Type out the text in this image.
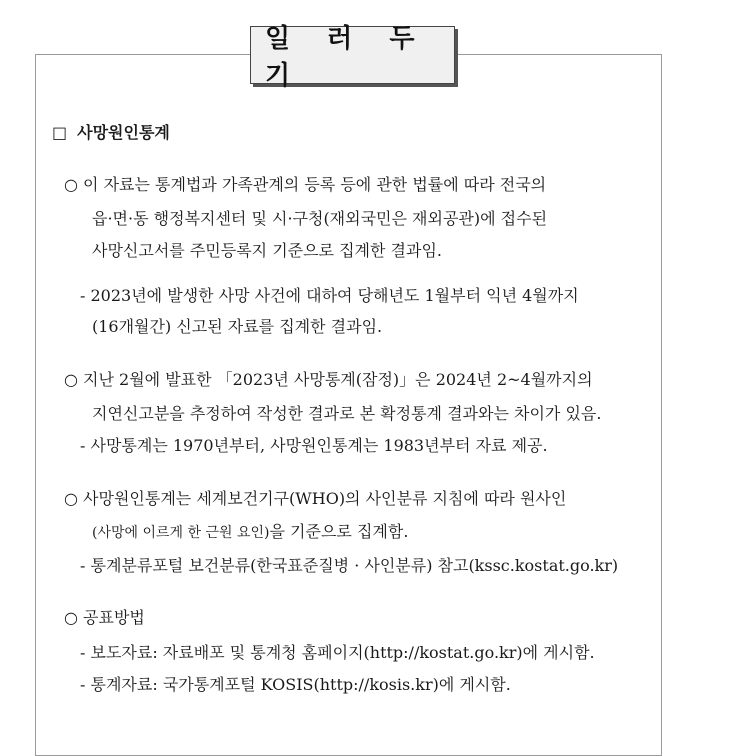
일 러 두 기
□ 사망원인통계
○ 이 자료는 통계법과 가족관계의 등록 등에 관한 법률에 따라 전국의
읍·면·동 행정복지센터 및 시·구청(재외국민은 재외공관)에 접수된
사망신고서를 주민등록지 기준으로 집계한 결과임.
- 2023년에 발생한 사망 사건에 대하여 당해년도 1월부터 익년 4월까지
(16개월간) 신고된 자료를 집계한 결과임.
○ 지난 2월에 발표한 「2023년 사망통계(잠정)」은 2024년 2~4월까지의
지연신고분을 추정하여 작성한 결과로 본 확정통계 결과와는 차이가 있음.
- 사망통계는 1970년부터, 사망원인통계는 1983년부터 자료 제공.
○ 사망원인통계는 세계보건기구(WHO)의 사인분류 지침에 따라 원사인
(사망에 이르게 한 근원 요인)을 기준으로 집계함.
- 통계분류포털 보건분류(한국표준질병 · 사인분류) 참고(kssc.kostat.go.kr)
○ 공표방법
- 보도자료: 자료배포 및 통계청 홈페이지(http://kostat.go.kr)에 게시함.
- 통계자료: 국가통계포털 KOSIS(http://kosis.kr)에 게시함.
